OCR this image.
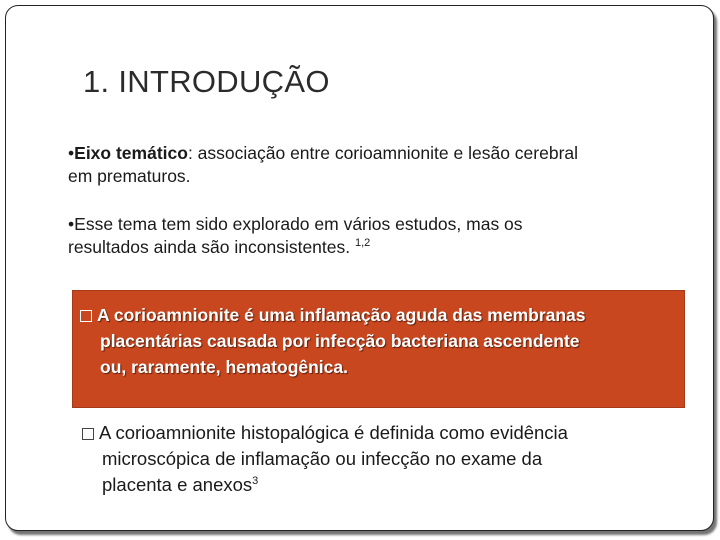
1. INTRODUÇÃO
•Eixo temático: associação entre corioamnionite e lesão cerebral
em prematuros.
•Esse tema tem sido explorado em vários estudos, mas os
resultados ainda são inconsistentes. $^{1,2}$
A corioamnionite é uma inflamação aguda das membranas
placentárias causada por infecção bacteriana ascendente
ou, raramente, hematogênica.
A corioamnionite histopalógica é definida como evidência
microscópica de inflamação ou infecção no exame da
placenta e anexos$^3$
